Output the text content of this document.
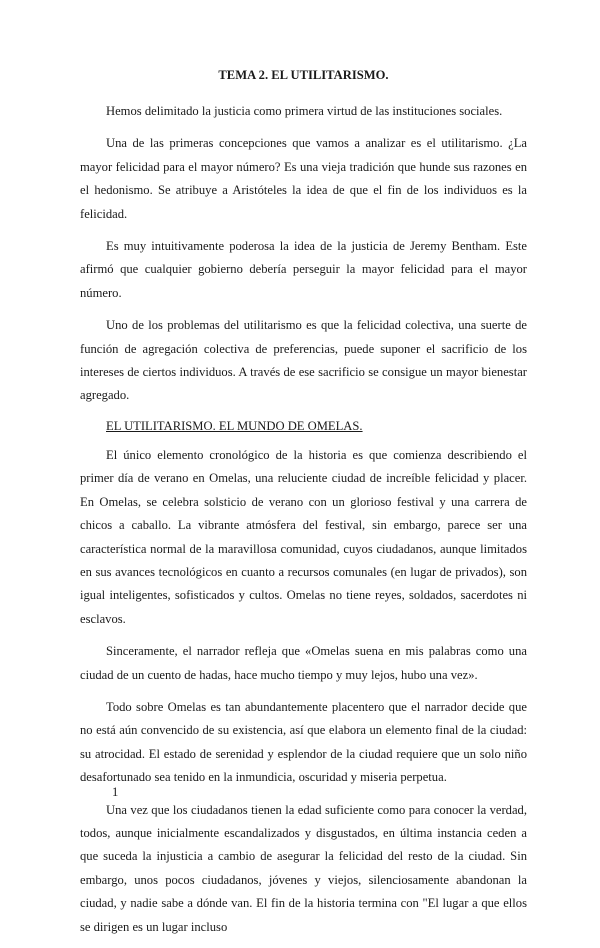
TEMA 2. EL UTILITARISMO.

Hemos delimitado la justicia como primera virtud de las instituciones sociales.

Una de las primeras concepciones que vamos a analizar es el utilitarismo. ¿La mayor felicidad para el mayor número? Es una vieja tradición que hunde sus razones en el hedonismo. Se atribuye a Aristóteles la idea de que el fin de los individuos es la felicidad.

Es muy intuitivamente poderosa la idea de la justicia de Jeremy Bentham. Este afirmó que cualquier gobierno debería perseguir la mayor felicidad para el mayor número.

Uno de los problemas del utilitarismo es que la felicidad colectiva, una suerte de función de agregación colectiva de preferencias, puede suponer el sacrificio de los intereses de ciertos individuos. A través de ese sacrificio se consigue un mayor bienestar agregado.

EL UTILITARISMO. EL MUNDO DE OMELAS.

El único elemento cronológico de la historia es que comienza describiendo el primer día de verano en Omelas, una reluciente ciudad de increíble felicidad y placer. En Omelas, se celebra solsticio de verano con un glorioso festival y una carrera de chicos a caballo. La vibrante atmósfera del festival, sin embargo, parece ser una característica normal de la maravillosa comunidad, cuyos ciudadanos, aunque limitados en sus avances tecnológicos en cuanto a recursos comunales (en lugar de privados), son igual inteligentes, sofisticados y cultos. Omelas no tiene reyes, soldados, sacerdotes ni esclavos.

Sinceramente, el narrador refleja que «Omelas suena en mis palabras como una ciudad de un cuento de hadas, hace mucho tiempo y muy lejos, hubo una vez».

Todo sobre Omelas es tan abundantemente placentero que el narrador decide que no está aún convencido de su existencia, así que elabora un elemento final de la ciudad: su atrocidad. El estado de serenidad y esplendor de la ciudad requiere que un solo niño desafortunado sea tenido en la inmundicia, oscuridad y miseria perpetua.

Una vez que los ciudadanos tienen la edad suficiente como para conocer la verdad, todos, aunque inicialmente escandalizados y disgustados, en última instancia ceden a que suceda la injusticia a cambio de asegurar la felicidad del resto de la ciudad. Sin embargo, unos pocos ciudadanos, jóvenes y viejos, silenciosamente abandonan la ciudad, y nadie sabe a dónde van. El fin de la historia termina con "El lugar a que ellos se dirigen es un lugar incluso

1
